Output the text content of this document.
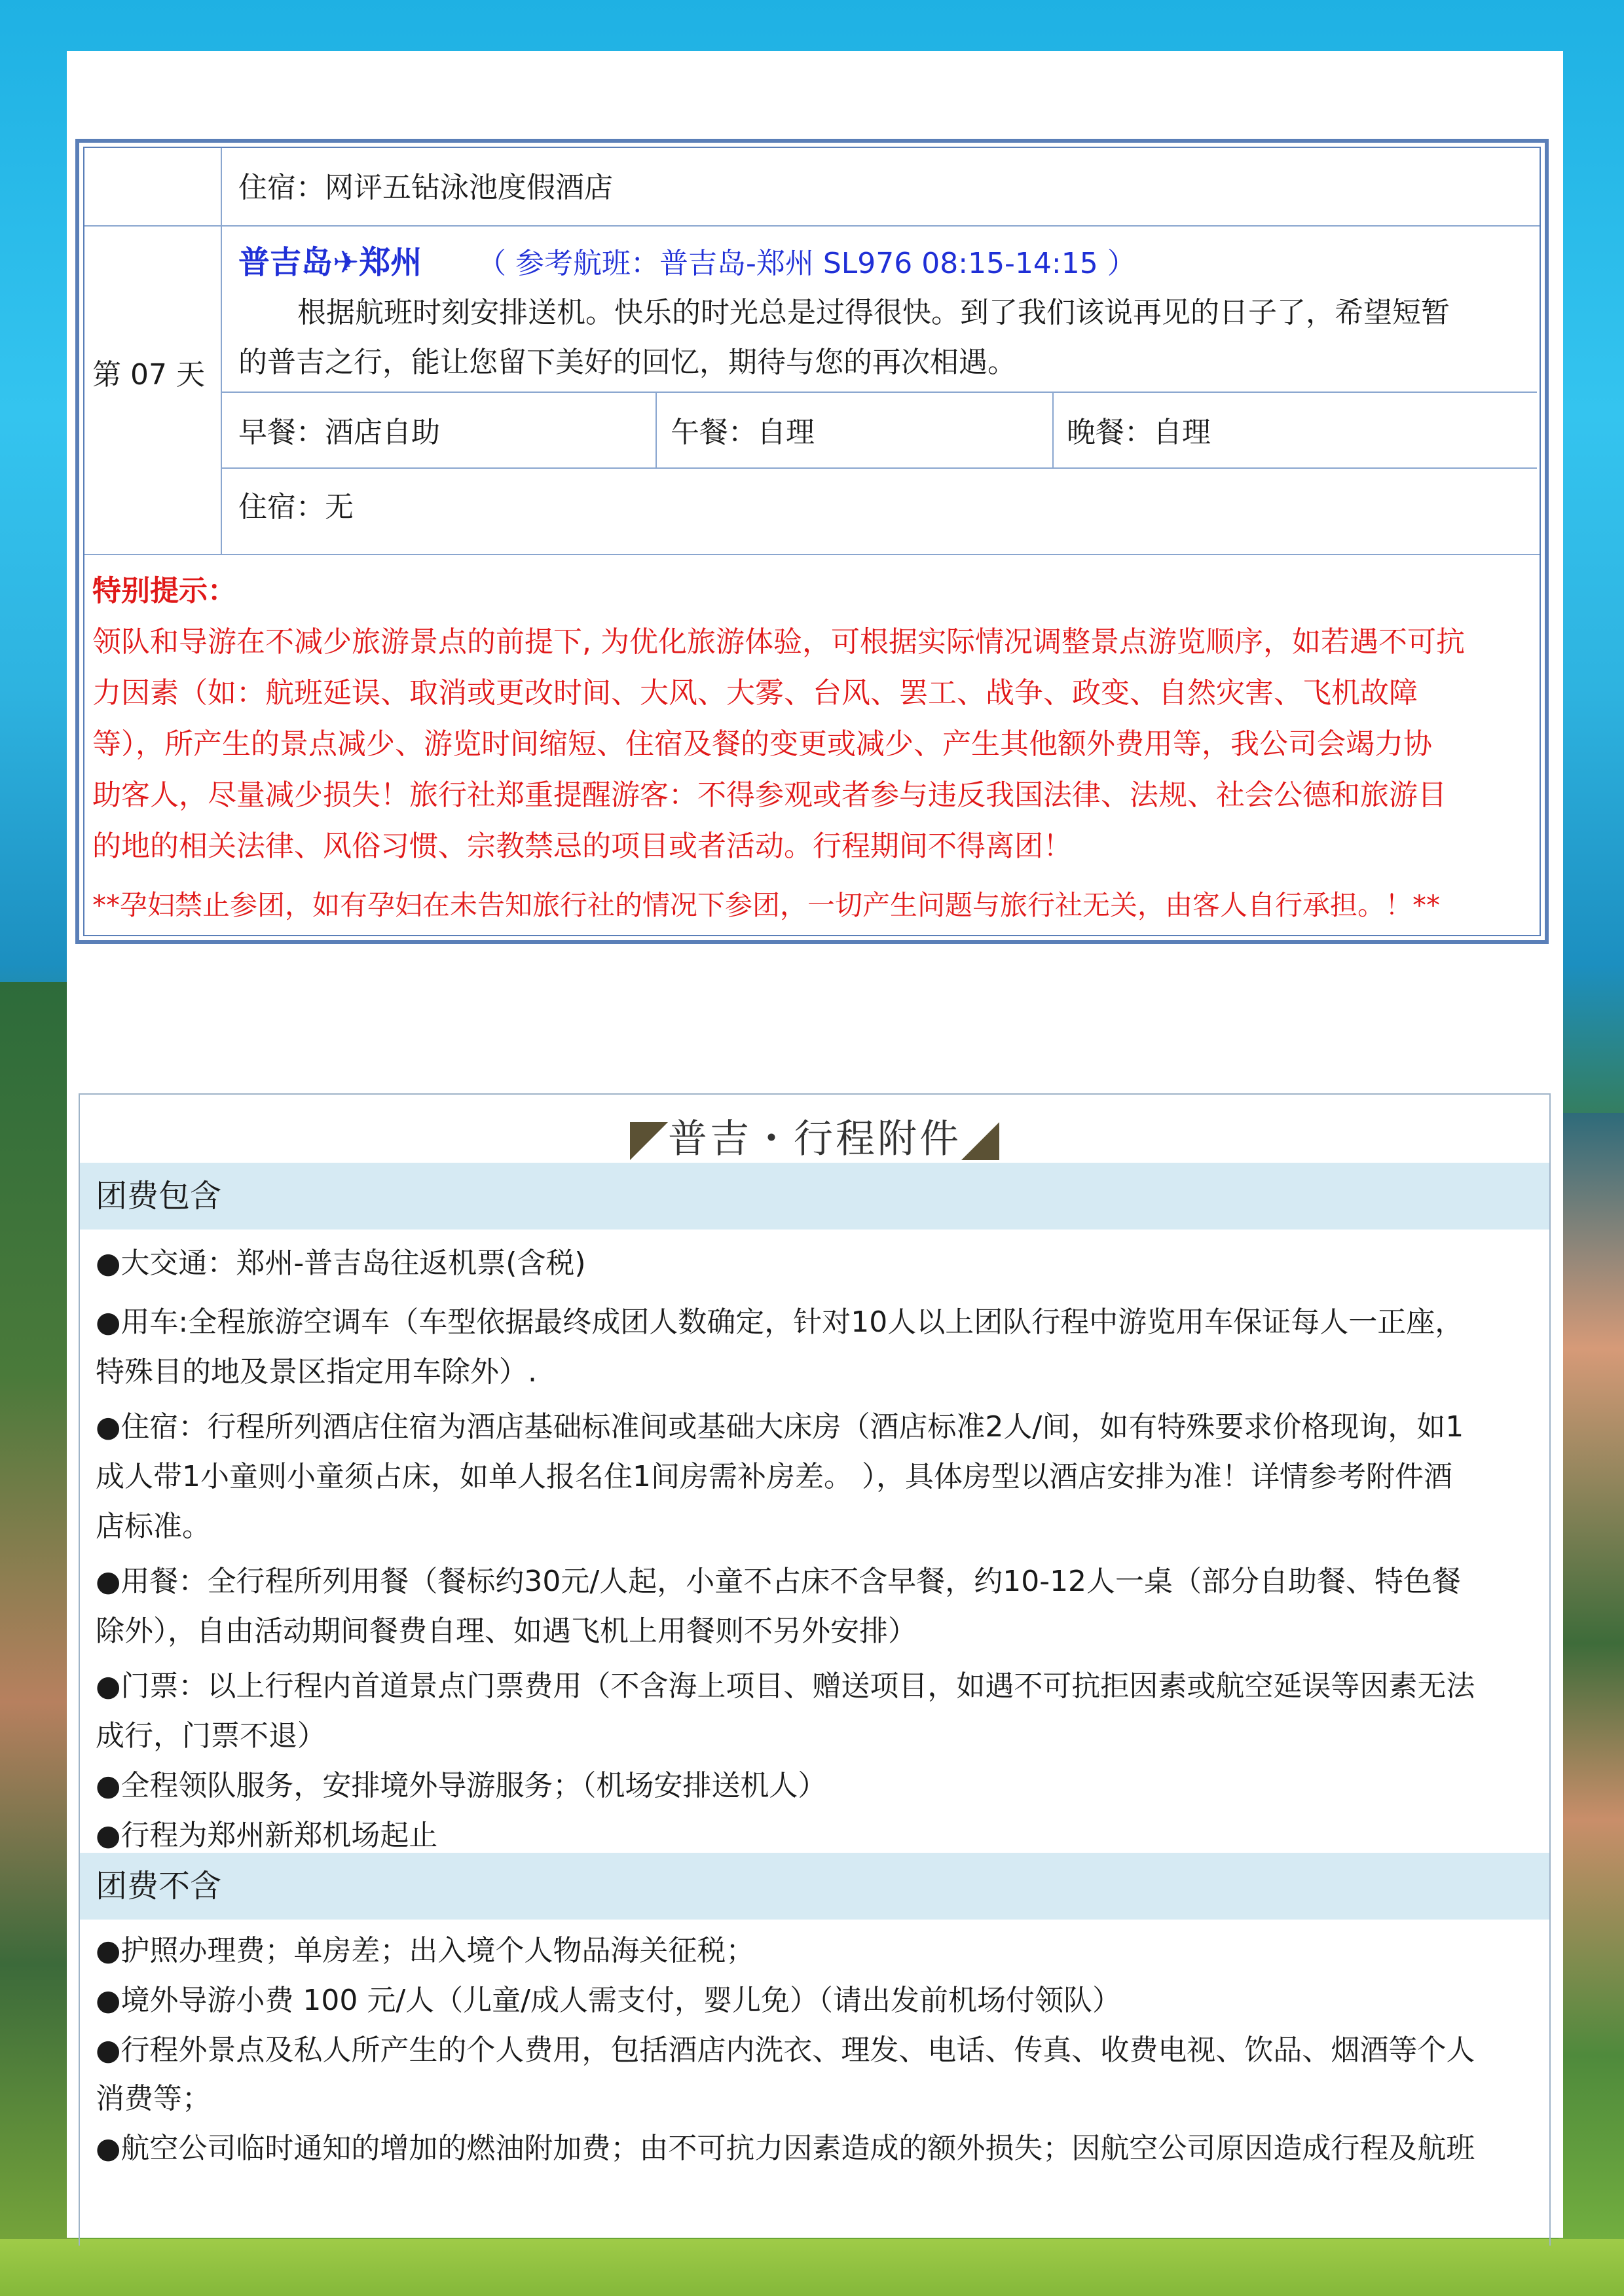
住宿：网评五钻泳池度假酒店
第 07 天
普吉岛✈郑州 （ 参考航班：普吉岛-郑州 SL976 08:15-14:15 ）
根据航班时刻安排送机。快乐的时光总是过得很快。到了我们该说再见的日子了，希望短暂
的普吉之行，能让您留下美好的回忆，期待与您的再次相遇。
早餐：酒店自助	午餐：自理	晚餐：自理
住宿：无
特别提示：
领队和导游在不减少旅游景点的前提下, 为优化旅游体验，可根据实际情况调整景点游览顺序，如若遇不可抗
力因素（如：航班延误、取消或更改时间、大风、大雾、台风、罢工、战争、政变、自然灾害、飞机故障
等），所产生的景点减少、游览时间缩短、住宿及餐的变更或减少、产生其他额外费用等，我公司会竭力协
助客人，尽量减少损失！旅行社郑重提醒游客：不得参观或者参与违反我国法律、法规、社会公德和旅游目
的地的相关法律、风俗习惯、宗教禁忌的项目或者活动。行程期间不得离团！
**孕妇禁止参团，如有孕妇在未告知旅行社的情况下参团，一切产生问题与旅行社无关，由客人自行承担。！**
普吉・行程附件
团费包含
●大交通：郑州-普吉岛往返机票(含税)
●用车:全程旅游空调车（车型依据最终成团人数确定，针对10人以上团队行程中游览用车保证每人一正座，
特殊目的地及景区指定用车除外）.
●住宿：行程所列酒店住宿为酒店基础标准间或基础大床房（酒店标准2人/间，如有特殊要求价格现询，如1
成人带1小童则小童须占床，如单人报名住1间房需补房差。 ），具体房型以酒店安排为准！详情参考附件酒
店标准。
●用餐：全行程所列用餐（餐标约30元/人起，小童不占床不含早餐，约10-12人一桌（部分自助餐、特色餐
除外），自由活动期间餐费自理、如遇飞机上用餐则不另外安排）
●门票：以上行程内首道景点门票费用（不含海上项目、赠送项目，如遇不可抗拒因素或航空延误等因素无法
成行，门票不退）
●全程领队服务，安排境外导游服务；（机场安排送机人）
●行程为郑州新郑机场起止
团费不含
●护照办理费；单房差；出入境个人物品海关征税；
●境外导游小费 100 元/人（儿童/成人需支付，婴儿免）（请出发前机场付领队）
●行程外景点及私人所产生的个人费用，包括酒店内洗衣、理发、电话、传真、收费电视、饮品、烟酒等个人
消费等；
●航空公司临时通知的增加的燃油附加费；由不可抗力因素造成的额外损失；因航空公司原因造成行程及航班
